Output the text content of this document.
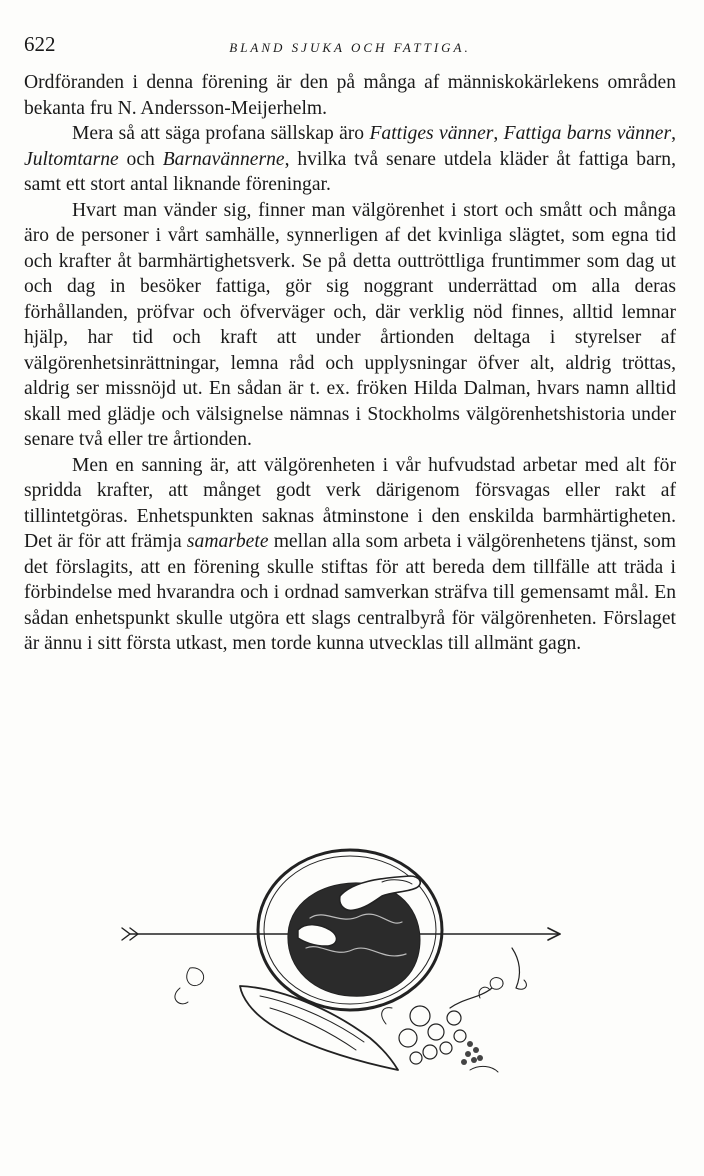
622	BLAND SJUKA OCH FATTIGA.

Ordföranden i denna förening är den på många af människokärlekens områden bekanta fru N. Andersson-Meijerhelm.

Mera så att säga profana sällskap äro Fattiges vänner, Fattiga barns vänner, Jultomtarne och Barnavännerne, hvilka två senare utdela kläder åt fattiga barn, samt ett stort antal liknande föreningar.

Hvart man vänder sig, finner man välgörenhet i stort och smått och många äro de personer i vårt samhälle, synnerligen af det kvinliga slägtet, som egna tid och krafter åt barmhärtighetsverk. Se på detta outtröttliga fruntimmer som dag ut och dag in besöker fattiga, gör sig noggrant underrättad om alla deras förhållanden, pröfvar och öfverväger och, där verklig nöd finnes, alltid lemnar hjälp, har tid och kraft att under årtionden deltaga i styrelser af välgörenhetsinrättningar, lemna råd och upplysningar öfver alt, aldrig tröttas, aldrig ser missnöjd ut. En sådan är t. ex. fröken Hilda Dalman, hvars namn alltid skall med glädje och välsignelse nämnas i Stockholms välgörenhetshistoria under senare två eller tre årtionden.

Men en sanning är, att välgörenheten i vår hufvudstad arbetar med alt för spridda krafter, att månget godt verk därigenom försvagas eller rakt af tillintetgöras. Enhetspunkten saknas åtminstone i den enskilda barmhärtigheten. Det är för att främja samarbete mellan alla som arbeta i välgörenhetens tjänst, som det förslagits, att en förening skulle stiftas för att bereda dem tillfälle att träda i förbindelse med hvarandra och i ordnad samverkan sträfva till gemensamt mål. En sådan enhetspunkt skulle utgöra ett slags centralbyrå för välgörenheten. Förslaget är ännu i sitt första utkast, men torde kunna utvecklas till allmänt gagn.
